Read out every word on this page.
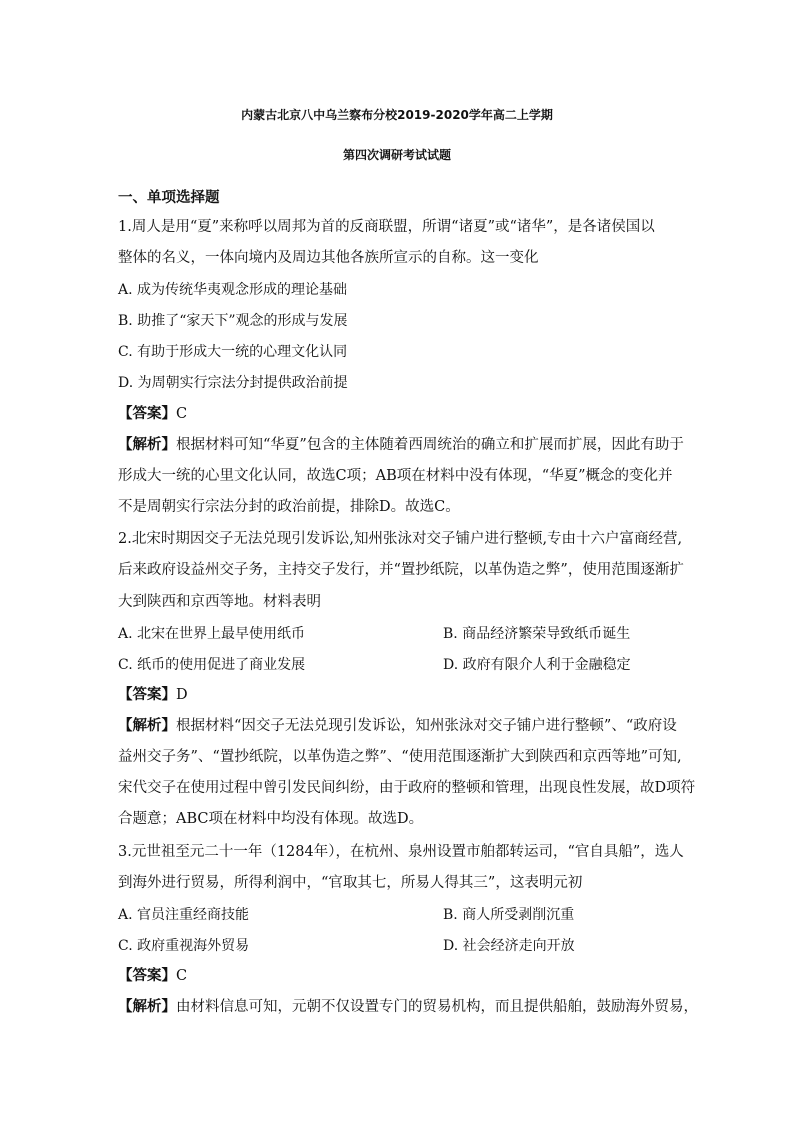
内蒙古北京八中乌兰察布分校2019-2020学年高二上学期
第四次调研考试试题
一、单项选择题
1.周人是用“夏”来称呼以周邦为首的反商联盟，所谓“诸夏”或“诸华”，是各诸侯国以
整体的名义，一体向境内及周边其他各族所宣示的自称。这一变化
A. 成为传统华夷观念形成的理论基础
B. 助推了“家天下”观念的形成与发展
C. 有助于形成大一统的心理文化认同
D. 为周朝实行宗法分封提供政治前提
【答案】C
【解析】根据材料可知“华夏”包含的主体随着西周统治的确立和扩展而扩展，因此有助于
形成大一统的心里文化认同，故选C项；AB项在材料中没有体现，“华夏”概念的变化并
不是周朝实行宗法分封的政治前提，排除D。故选C。
2.北宋时期因交子无法兑现引发诉讼,知州张泳对交子铺户进行整顿,专由十六户富商经营,
后来政府设益州交子务，主持交子发行，并“置抄纸院，以革伪造之弊”，使用范围逐渐扩
大到陕西和京西等地。材料表明
A. 北宋在世界上最早使用纸币	B. 商品经济繁荣导致纸币诞生
C. 纸币的使用促进了商业发展	D. 政府有限介人利于金融稳定
【答案】D
【解析】根据材料“因交子无法兑现引发诉讼，知州张泳对交子铺户进行整顿”、“政府设
益州交子务”、“置抄纸院，以革伪造之弊”、“使用范围逐渐扩大到陕西和京西等地”可知,
宋代交子在使用过程中曾引发民间纠纷，由于政府的整顿和管理，出现良性发展，故D项符
合题意；ABC项在材料中均没有体现。故选D。
3.元世祖至元二十一年（1284年），在杭州、泉州设置市舶都转运司，“官自具船”，选人
到海外进行贸易，所得利润中，“官取其七，所易人得其三”，这表明元初
A. 官员注重经商技能	B. 商人所受剥削沉重
C. 政府重视海外贸易	D. 社会经济走向开放
【答案】C
【解析】由材料信息可知，元朝不仅设置专门的贸易机构，而且提供船舶，鼓励海外贸易，
